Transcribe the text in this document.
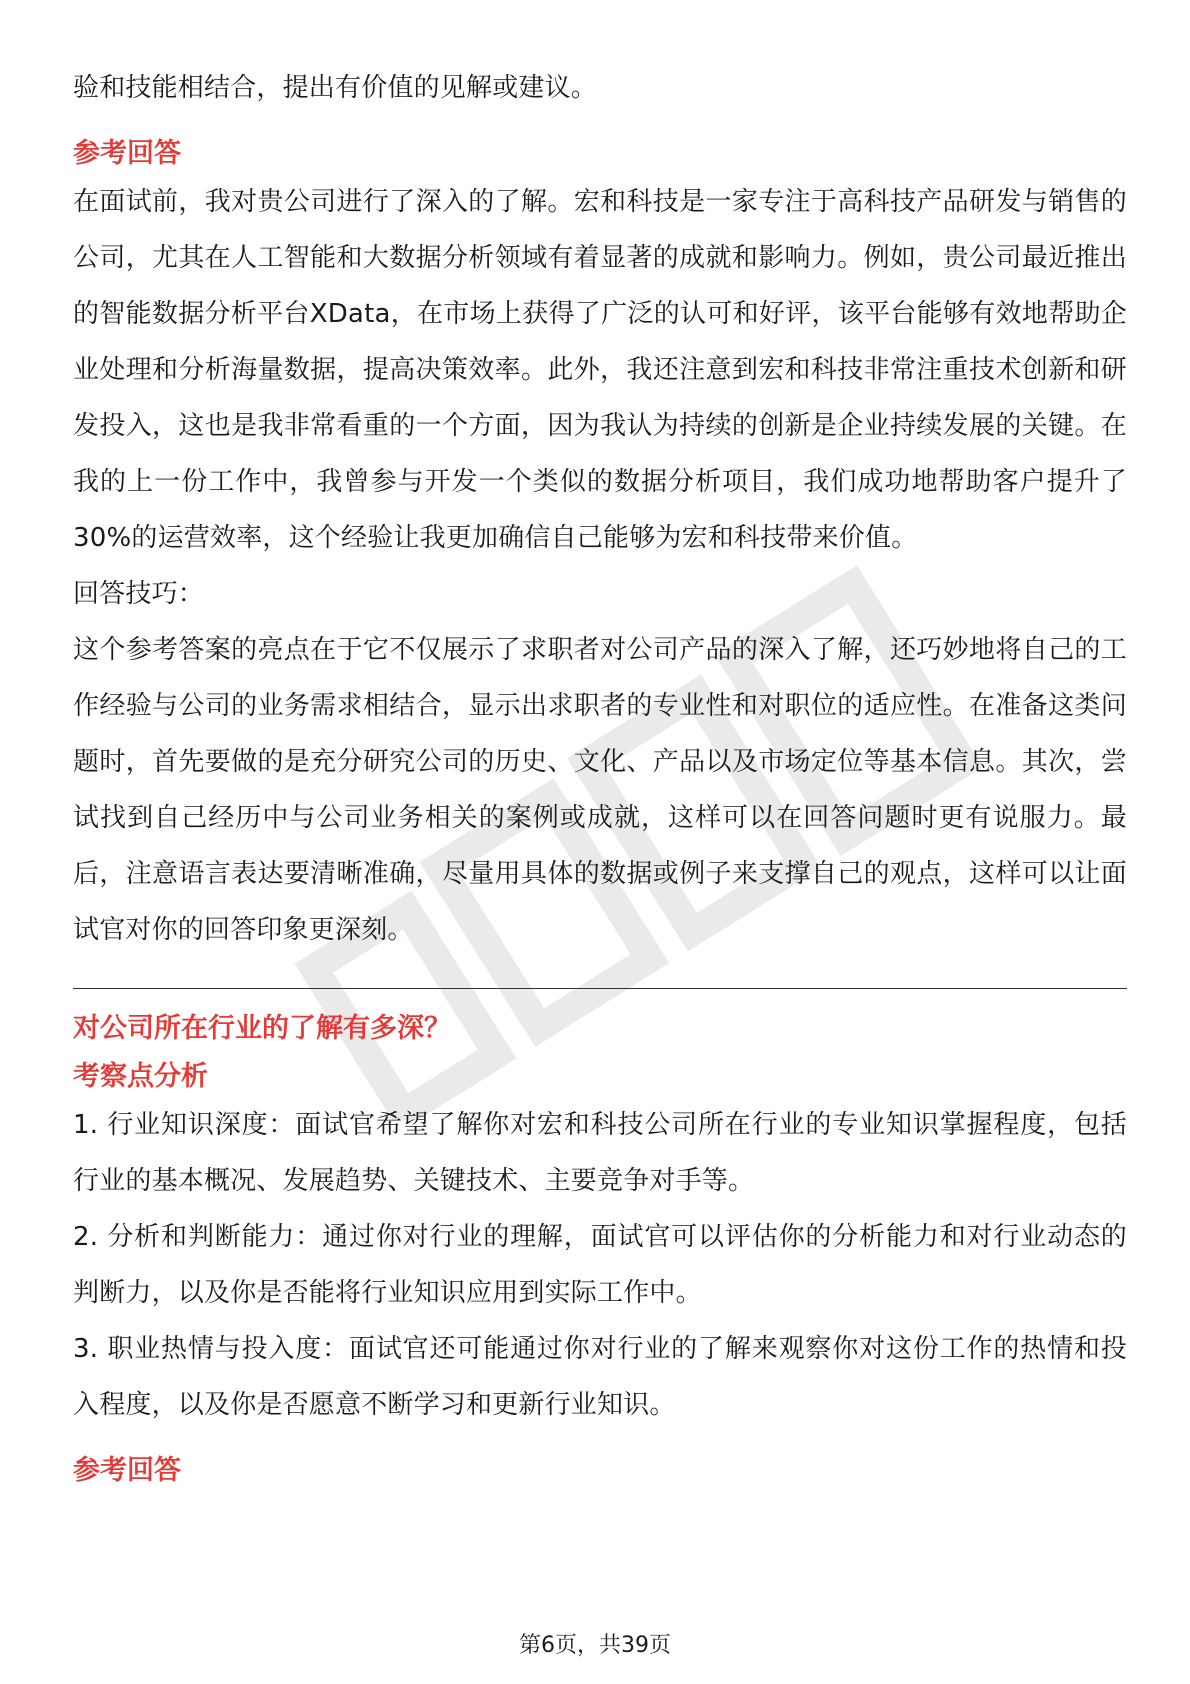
验和技能相结合，提出有价值的见解或建议。

参考回答

在面试前，我对贵公司进行了深入的了解。宏和科技是一家专注于高科技产品研发与销售的公司，尤其在人工智能和大数据分析领域有着显著的成就和影响力。例如，贵公司最近推出的智能数据分析平台XData，在市场上获得了广泛的认可和好评，该平台能够有效地帮助企业处理和分析海量数据，提高决策效率。此外，我还注意到宏和科技非常注重技术创新和研发投入，这也是我非常看重的一个方面，因为我认为持续的创新是企业持续发展的关键。在我的上一份工作中，我曾参与开发一个类似的数据分析项目，我们成功地帮助客户提升了30%的运营效率，这个经验让我更加确信自己能够为宏和科技带来价值。

回答技巧：

这个参考答案的亮点在于它不仅展示了求职者对公司产品的深入了解，还巧妙地将自己的工作经验与公司的业务需求相结合，显示出求职者的专业性和对职位的适应性。在准备这类问题时，首先要做的是充分研究公司的历史、文化、产品以及市场定位等基本信息。其次，尝试找到自己经历中与公司业务相关的案例或成就，这样可以在回答问题时更有说服力。最后，注意语言表达要清晰准确，尽量用具体的数据或例子来支撑自己的观点，这样可以让面试官对你的回答印象更深刻。

对公司所在行业的了解有多深？
考察点分析

1. 行业知识深度：面试官希望了解你对宏和科技公司所在行业的专业知识掌握程度，包括行业的基本概况、发展趋势、关键技术、主要竞争对手等。

2. 分析和判断能力：通过你对行业的理解，面试官可以评估你的分析能力和对行业动态的判断力，以及你是否能将行业知识应用到实际工作中。

3. 职业热情与投入度：面试官还可能通过你对行业的了解来观察你对这份工作的热情和投入程度，以及你是否愿意不断学习和更新行业知识。

参考回答
第6页，共39页
